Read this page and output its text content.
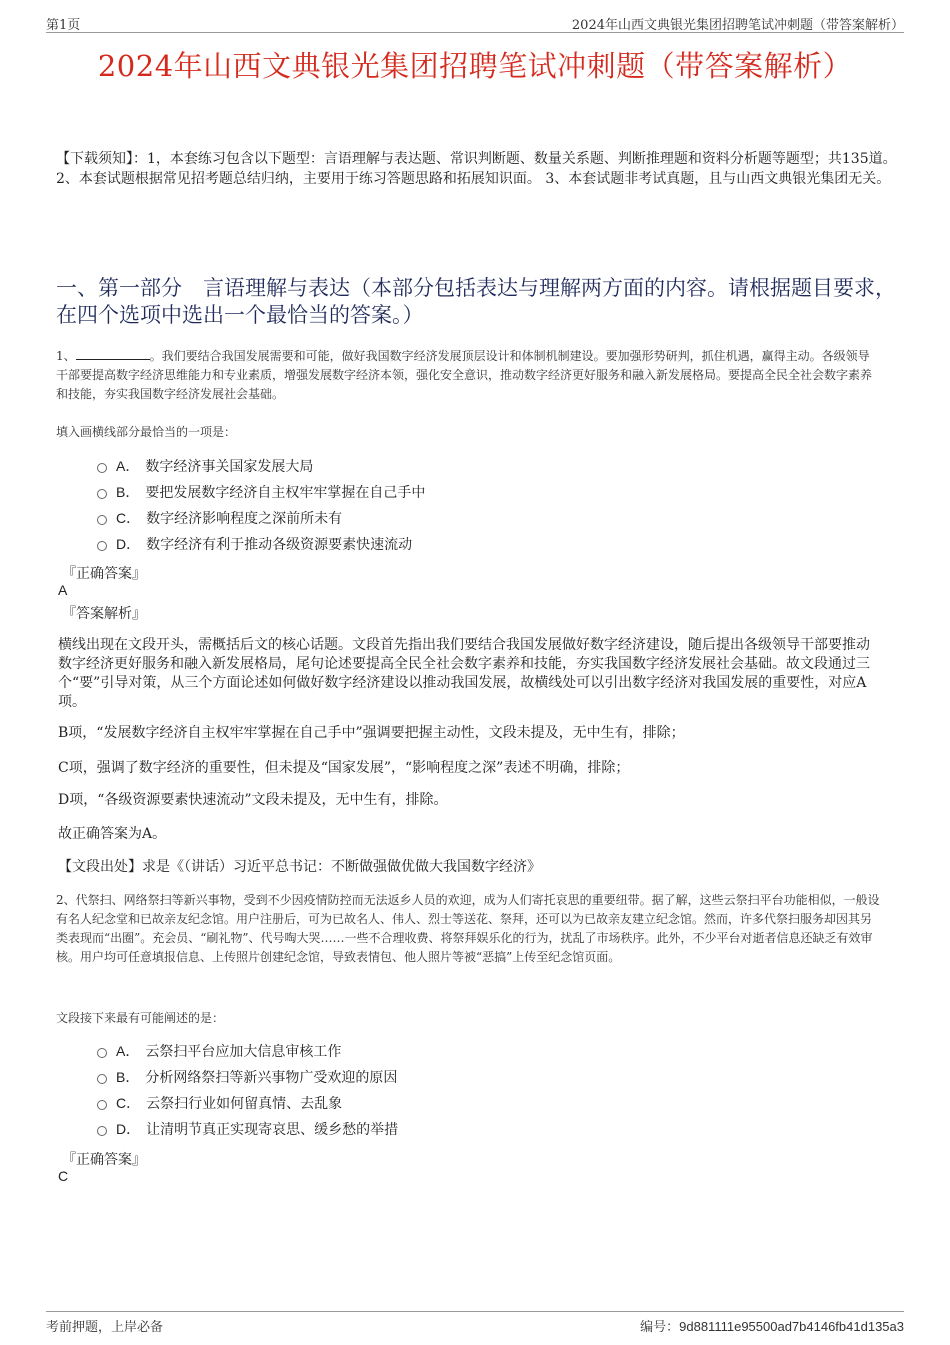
第1页	2024年山西文典银光集团招聘笔试冲刺题（带答案解析）
2024年山西文典银光集团招聘笔试冲刺题（带答案解析）
【下载须知】：1，本套练习包含以下题型：言语理解与表达题、常识判断题、数量关系题、判断推理题和资料分析题等题型；共135道。 2、本套试题根据常见招考题总结归纳，主要用于练习答题思路和拓展知识面。 3、本套试题非考试真题，且与山西文典银光集团无关。
一、第一部分　言语理解与表达（本部分包括表达与理解两方面的内容。请根据题目要求，在四个选项中选出一个最恰当的答案。）
1、	。我们要结合我国发展需要和可能，做好我国数字经济发展顶层设计和体制机制建设。要加强形势研判，抓住机遇，赢得主动。各级领导干部要提高数字经济思维能力和专业素质，增强发展数字经济本领，强化安全意识，推动数字经济更好服务和融入新发展格局。要提高全民全社会数字素养和技能，夯实我国数字经济发展社会基础。
填入画横线部分最恰当的一项是：
A． 数字经济事关国家发展大局
B． 要把发展数字经济自主权牢牢掌握在自己手中
C． 数字经济影响程度之深前所未有
D． 数字经济有利于推动各级资源要素快速流动
『正确答案』
A
『答案解析』
横线出现在文段开头，需概括后文的核心话题。文段首先指出我们要结合我国发展做好数字经济建设，随后提出各级领导干部要推动数字经济更好服务和融入新发展格局，尾句论述要提高全民全社会数字素养和技能，夯实我国数字经济发展社会基础。故文段通过三个“要”引导对策，从三个方面论述如何做好数字经济建设以推动我国发展，故横线处可以引出数字经济对我国发展的重要性，对应A项。
B项，“发展数字经济自主权牢牢掌握在自己手中”强调要把握主动性，文段未提及，无中生有，排除；
C项，强调了数字经济的重要性，但未提及“国家发展”，“影响程度之深”表述不明确，排除；
D项，“各级资源要素快速流动”文段未提及，无中生有，排除。
故正确答案为A。
【文段出处】求是《（讲话）习近平总书记：不断做强做优做大我国数字经济》
2、代祭扫、网络祭扫等新兴事物，受到不少因疫情防控而无法返乡人员的欢迎，成为人们寄托哀思的重要纽带。据了解，这些云祭扫平台功能相似，一般设有名人纪念堂和已故亲友纪念馆。用户注册后，可为已故名人、伟人、烈士等送花、祭拜，还可以为已故亲友建立纪念馆。然而，许多代祭扫服务却因其另类表现而“出圈”。充会员、“刷礼物”、代号啕大哭……一些不合理收费、将祭拜娱乐化的行为，扰乱了市场秩序。此外，不少平台对逝者信息还缺乏有效审核。用户均可任意填报信息、上传照片创建纪念馆，导致表情包、他人照片等被“恶搞”上传至纪念馆页面。
文段接下来最有可能阐述的是：
A． 云祭扫平台应加大信息审核工作
B． 分析网络祭扫等新兴事物广受欢迎的原因
C． 云祭扫行业如何留真情、去乱象
D． 让清明节真正实现寄哀思、缓乡愁的举措
『正确答案』
C
考前押题，上岸必备	编号：9d881111e95500ad7b4146fb41d135a3
